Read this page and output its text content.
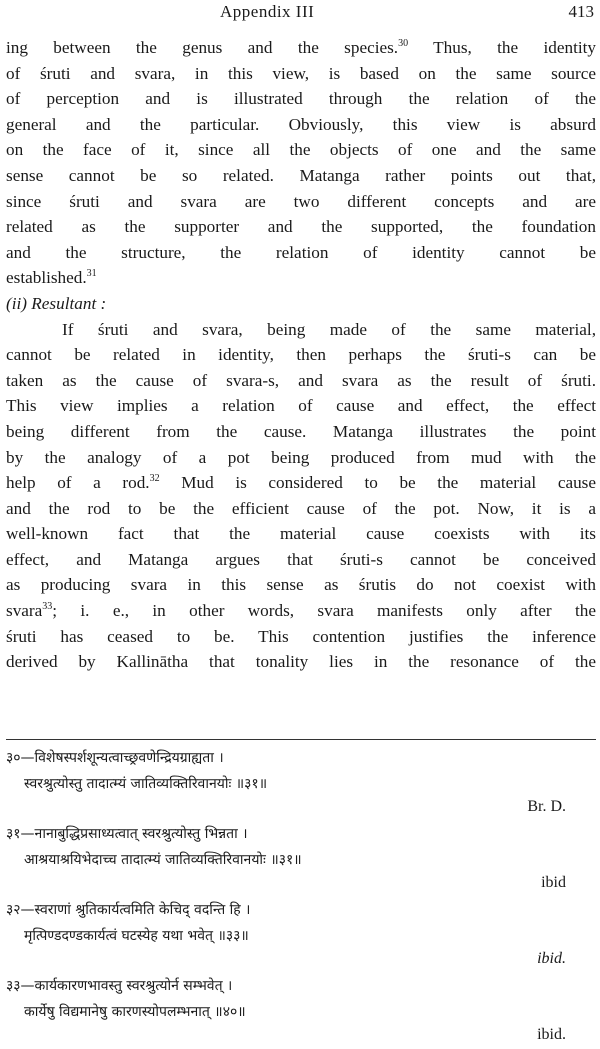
Appendix III	413
ing between the genus and the species.$^{30}$ Thus, the identity
of śruti and svara, in this view, is based on the same source
of perception and is illustrated through the relation of the
general and the particular. Obviously, this view is absurd
on the face of it, since all the objects of one and the same
sense cannot be so related. Matanga rather points out that,
since śruti and svara are two different concepts and are
related as the supporter and the supported, the foundation
and the structure, the relation of identity cannot be
established.$^{31}$
(ii) Resultant :
If śruti and svara, being made of the same material,
cannot be related in identity, then perhaps the śruti-s can be
taken as the cause of svara-s, and svara as the result of śruti.
This view implies a relation of cause and effect, the effect
being different from the cause. Matanga illustrates the point
by the analogy of a pot being produced from mud with the
help of a rod.$^{32}$ Mud is considered to be the material cause
and the rod to be the efficient cause of the pot. Now, it is a
well-known fact that the material cause coexists with its
effect, and Matanga argues that śruti-s cannot be conceived
as producing svara in this sense as śrutis do not coexist with
svara$^{33}$; i. e., in other words, svara manifests only after the
śruti has ceased to be. This contention justifies the inference
derived by Kallinātha that tonality lies in the resonance of the
३०—विशेषस्पर्शशून्यत्वाच्छ्रवणेन्द्रियग्राह्यता ।
स्वरश्रुत्योस्तु तादात्म्यं जातिव्यक्तिरिवानयोः ॥३१॥
Br. D.
३१—नानाबुद्धिप्रसाध्यत्वात् स्वरश्रुत्योस्तु भिन्नता ।
आश्रयाश्रयिभेदाच्च तादात्म्यं जातिव्यक्तिरिवानयोः ॥३१॥
ibid
३२—स्वराणां श्रुतिकार्यत्वमिति केचिद् वदन्ति हि ।
मृत्पिण्डदण्डकार्यत्वं घटस्येह यथा भवेत् ॥३३॥
ibid.
३३—कार्यकारणभावस्तु स्वरश्रुत्योर्न सम्भवेत् ।
कार्येषु विद्यमानेषु कारणस्योपलम्भनात् ॥४०॥
ibid.
